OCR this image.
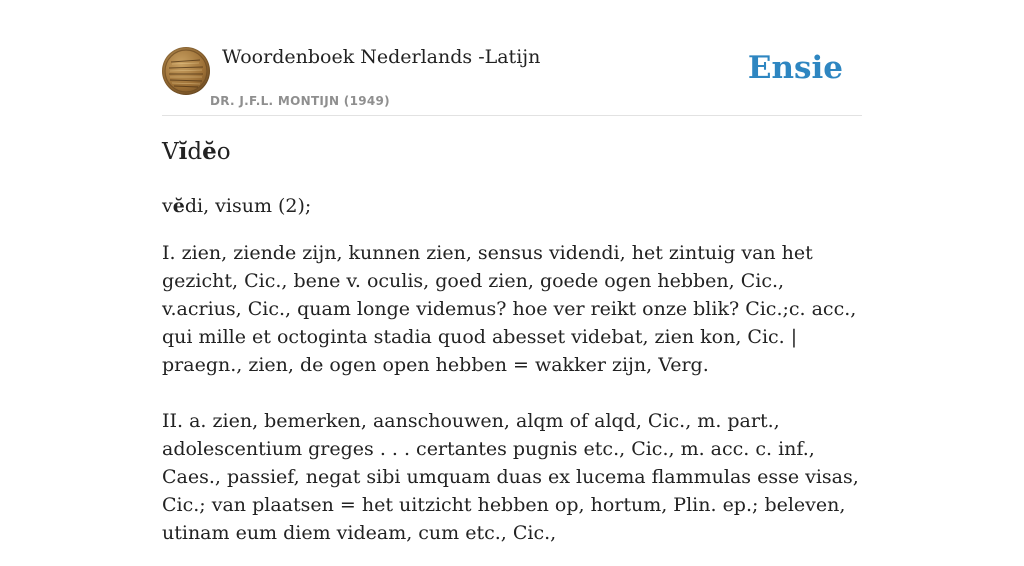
Woordenboek Nederlands -Latijn
DR. J.F.L. MONTIJN (1949)
Ensie
Vĭdĕo

vĕdi, visum (2);

I. zien, ziende zijn, kunnen zien, sensus videndi, het zintuig van het gezicht, Cic., bene v. oculis, goed zien, goede ogen hebben, Cic., v.acrius, Cic., quam longe videmus? hoe ver reikt onze blik? Cic.;c. acc., qui mille et octoginta stadia quod abesset videbat, zien kon, Cic. | praegn., zien, de ogen open hebben = wakker zijn, Verg.

II. a. zien, bemerken, aanschouwen, alqm of alqd, Cic., m. part., adolescentium greges . . . certantes pugnis etc., Cic., m. acc. c. inf., Caes., passief, negat sibi umquam duas ex lucema flammulas esse visas, Cic.; van plaatsen = het uitzicht hebben op, hortum, Plin. ep.; beleven, utinam eum diem videam, cum etc., Cic.,
